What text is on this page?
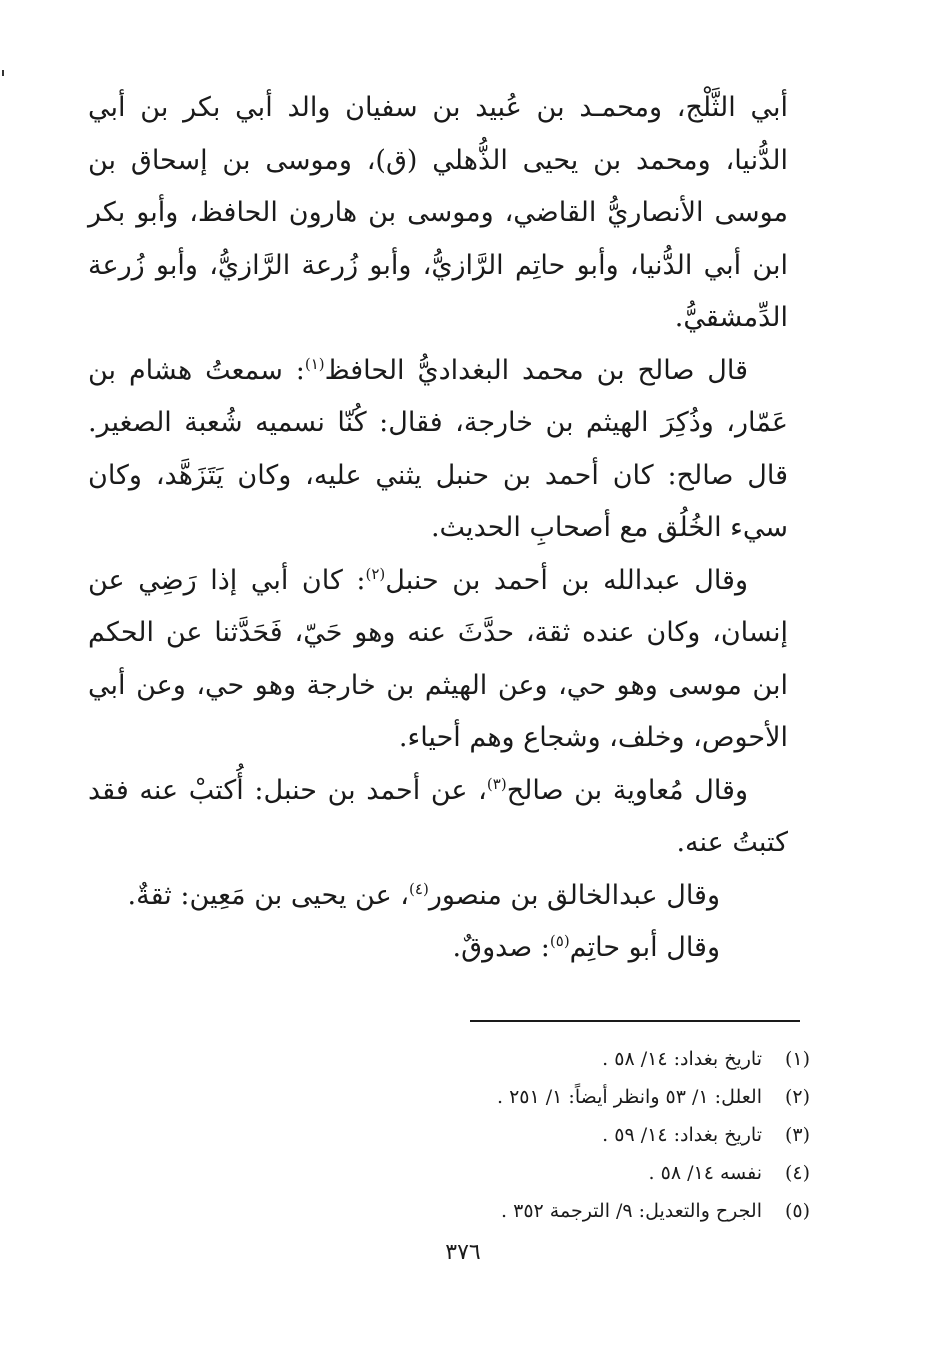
أبي الثَّلْج، ومحمـد بن عُبيد بن سفيان والد أبي بكر بن أبي الدُّنيا، ومحمد بن يحيى الذُّهلي (ق)، وموسى بن إسحاق بن موسى الأنصاريُّ القاضي، وموسى بن هارون الحافظ، وأبو بكر ابن أبي الدُّنيا، وأبو حاتِم الرَّازيُّ، وأبو زُرعة الرَّازيُّ، وأبو زُرعة الدِّمشقيُّ.

قال صالح بن محمد البغداديُّ الحافظ$^{(١)}$: سمعتُ هشام بن عَمّار، وذُكِرَ الهيثم بن خارجة، فقال: كُنّا نسميه شُعبة الصغير. قال صالح: كان أحمد بن حنبل يثني عليه، وكان يَتَزَهَّد، وكان سيء الخُلُق مع أصحابِ الحديث.

وقال عبدالله بن أحمد بن حنبل$^{(٢)}$: كان أبي إذا رَضِي عن إنسان، وكان عنده ثقة، حدَّثَ عنه وهو حَيّ، فَحَدَّثنا عن الحكم ابن موسى وهو حي، وعن الهيثم بن خارجة وهو حي، وعن أبي الأحوص، وخلف، وشجاع وهم أحياء.

وقال مُعاوية بن صالح$^{(٣)}$، عن أحمد بن حنبل: أُكتبْ عنه فقد كتبتُ عنه.

وقال عبدالخالق بن منصور$^{(٤)}$، عن يحيى بن مَعِين: ثقةٌ.

وقال أبو حاتِم$^{(٥)}$: صدوقٌ.

(١)
تاريخ بغداد: ١٤/ ٥٨ .
(٢)
العلل: ١/ ٥٣ وانظر أيضاً: ١/ ٢٥١ .
(٣)
تاريخ بغداد: ١٤/ ٥٩ .
(٤)
نفسه ١٤/ ٥٨ .
(٥)
الجرح والتعديل: ٩/ الترجمة ٣٥٢ .
٣٧٦
